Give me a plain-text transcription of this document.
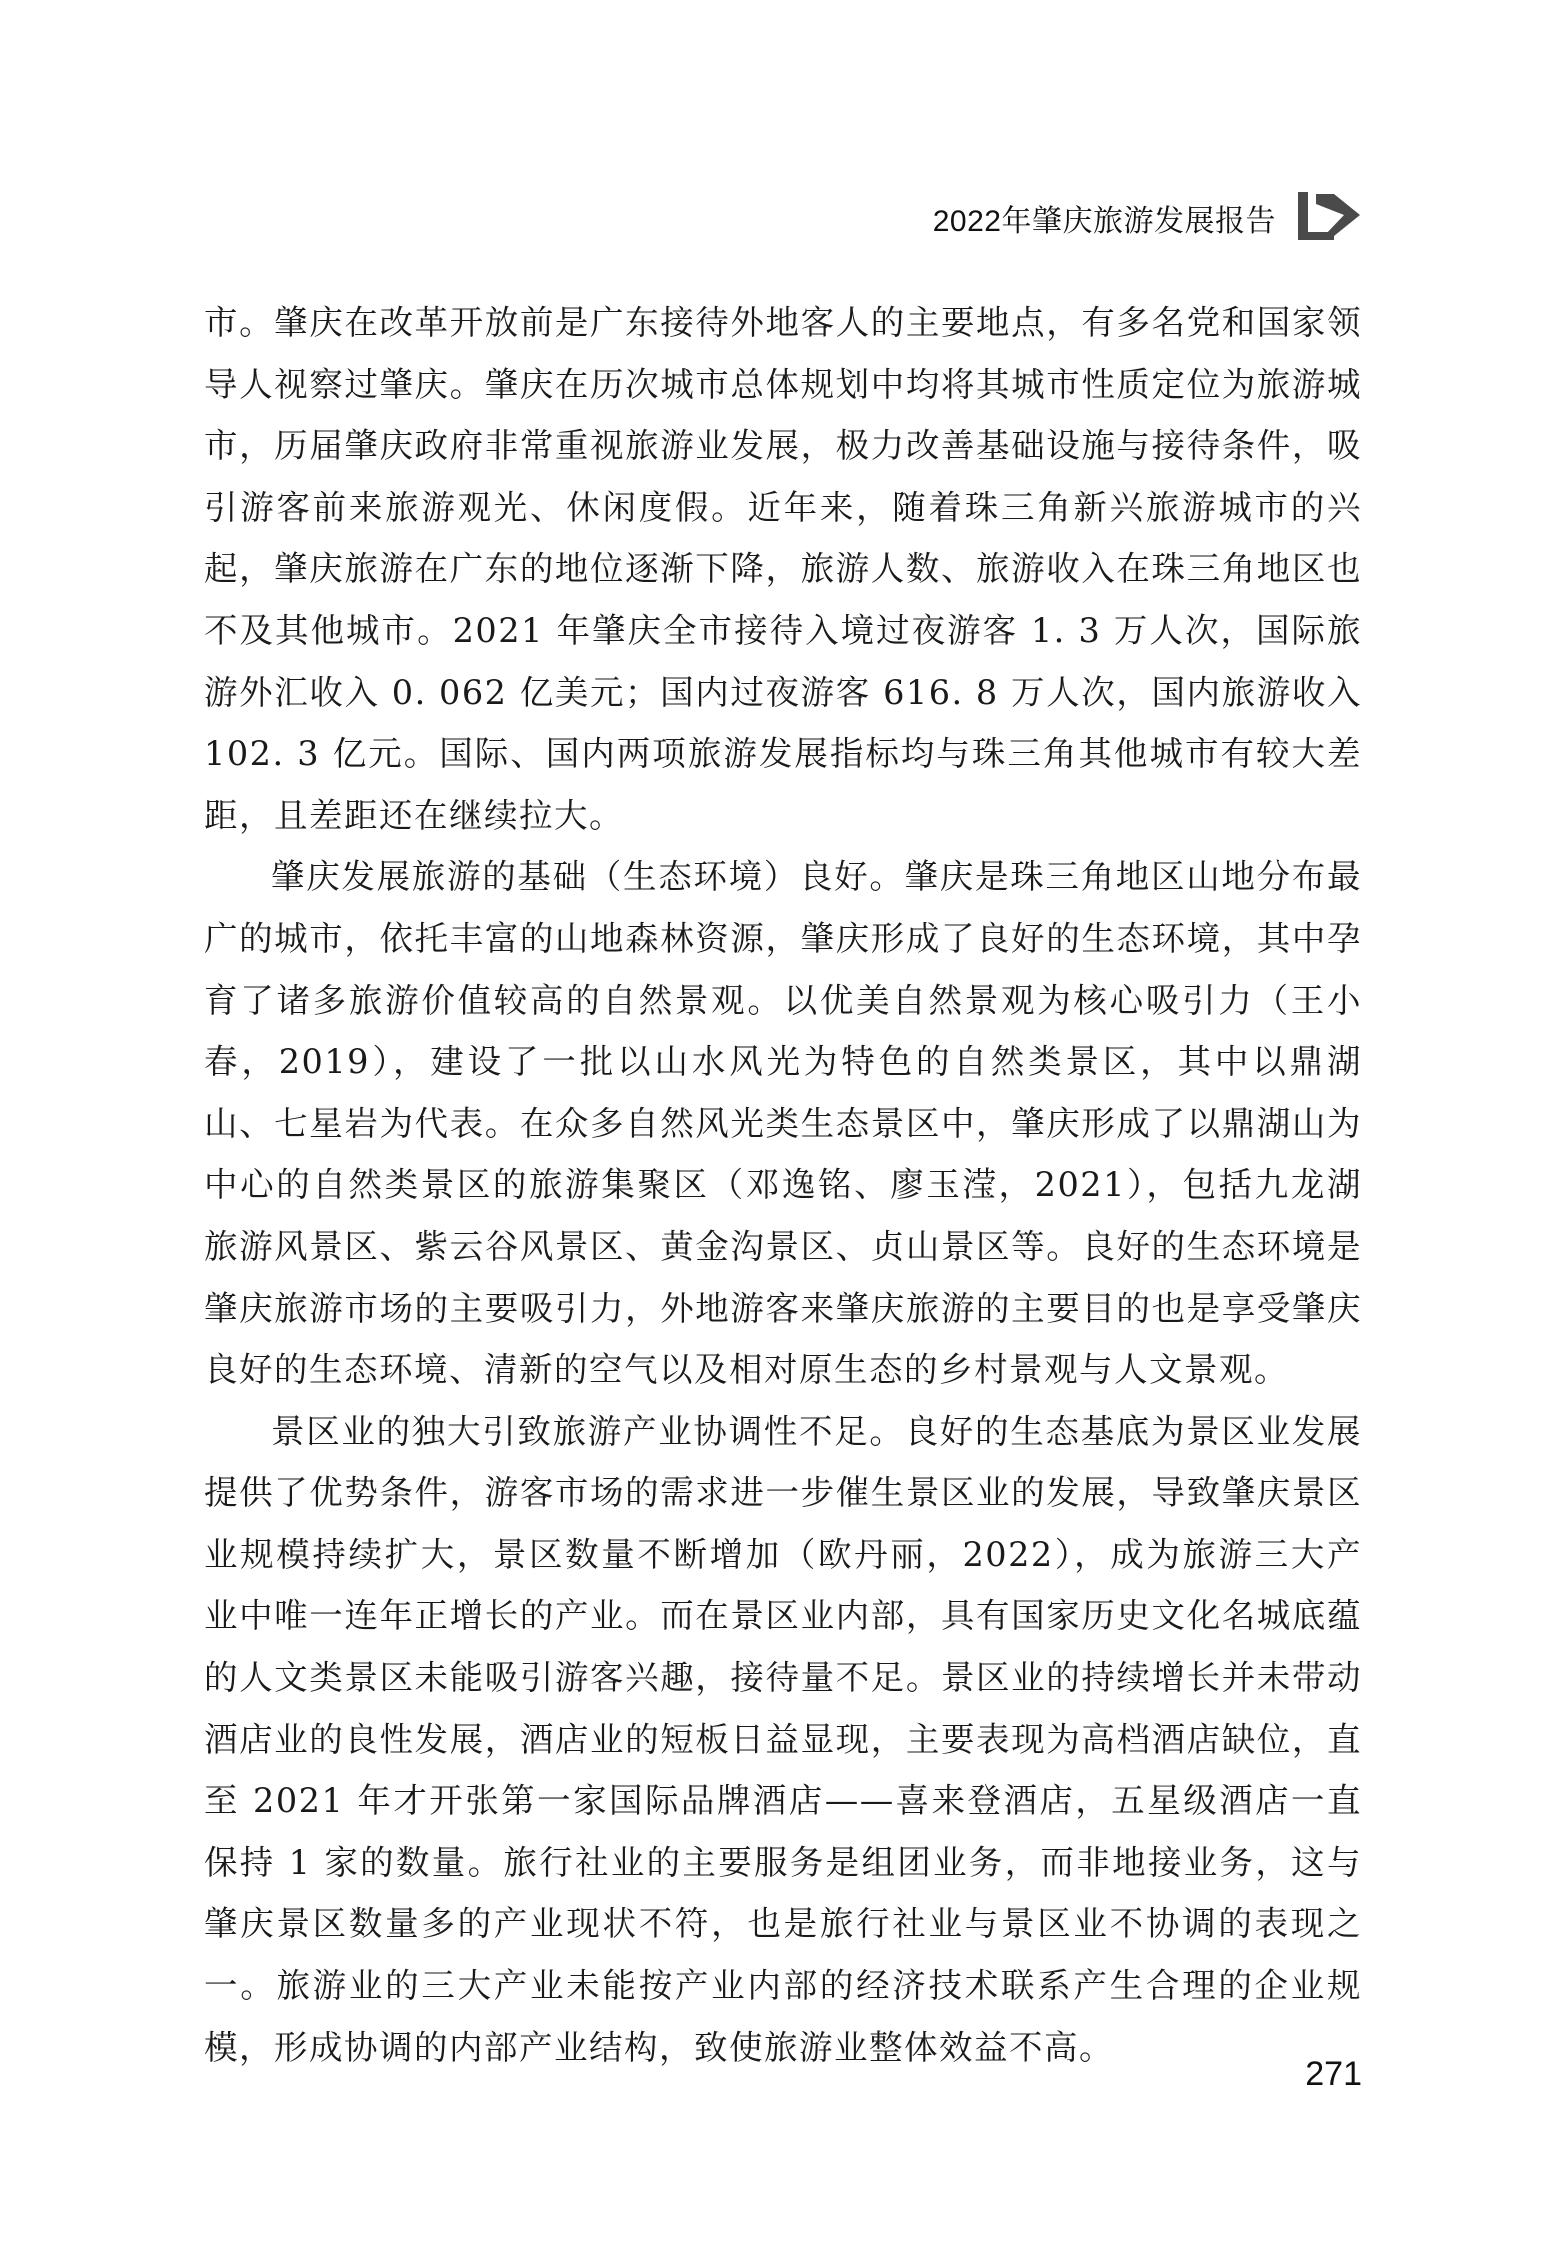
2022年肇庆旅游发展报告

市。肇庆在改革开放前是广东接待外地客人的主要地点，有多名党和国家领导人视察过肇庆。肇庆在历次城市总体规划中均将其城市性质定位为旅游城市，历届肇庆政府非常重视旅游业发展，极力改善基础设施与接待条件，吸引游客前来旅游观光、休闲度假。近年来，随着珠三角新兴旅游城市的兴起，肇庆旅游在广东的地位逐渐下降，旅游人数、旅游收入在珠三角地区也不及其他城市。2021 年肇庆全市接待入境过夜游客 1. 3 万人次，国际旅游外汇收入 0. 062 亿美元；国内过夜游客 616. 8 万人次，国内旅游收入 102. 3 亿元。国际、国内两项旅游发展指标均与珠三角其他城市有较大差距，且差距还在继续拉大。

肇庆发展旅游的基础（生态环境）良好。肇庆是珠三角地区山地分布最广的城市，依托丰富的山地森林资源，肇庆形成了良好的生态环境，其中孕育了诸多旅游价值较高的自然景观。以优美自然景观为核心吸引力（王小春，2019），建设了一批以山水风光为特色的自然类景区，其中以鼎湖山、七星岩为代表。在众多自然风光类生态景区中，肇庆形成了以鼎湖山为中心的自然类景区的旅游集聚区（邓逸铭、廖玉滢，2021），包括九龙湖旅游风景区、紫云谷风景区、黄金沟景区、贞山景区等。良好的生态环境是肇庆旅游市场的主要吸引力，外地游客来肇庆旅游的主要目的也是享受肇庆良好的生态环境、清新的空气以及相对原生态的乡村景观与人文景观。

景区业的独大引致旅游产业协调性不足。良好的生态基底为景区业发展提供了优势条件，游客市场的需求进一步催生景区业的发展，导致肇庆景区业规模持续扩大，景区数量不断增加（欧丹丽，2022），成为旅游三大产业中唯一连年正增长的产业。而在景区业内部，具有国家历史文化名城底蕴的人文类景区未能吸引游客兴趣，接待量不足。景区业的持续增长并未带动酒店业的良性发展，酒店业的短板日益显现，主要表现为高档酒店缺位，直至 2021 年才开张第一家国际品牌酒店——喜来登酒店，五星级酒店一直保持 1 家的数量。旅行社业的主要服务是组团业务，而非地接业务，这与肇庆景区数量多的产业现状不符，也是旅行社业与景区业不协调的表现之一。旅游业的三大产业未能按产业内部的经济技术联系产生合理的企业规模，形成协调的内部产业结构，致使旅游业整体效益不高。

271
